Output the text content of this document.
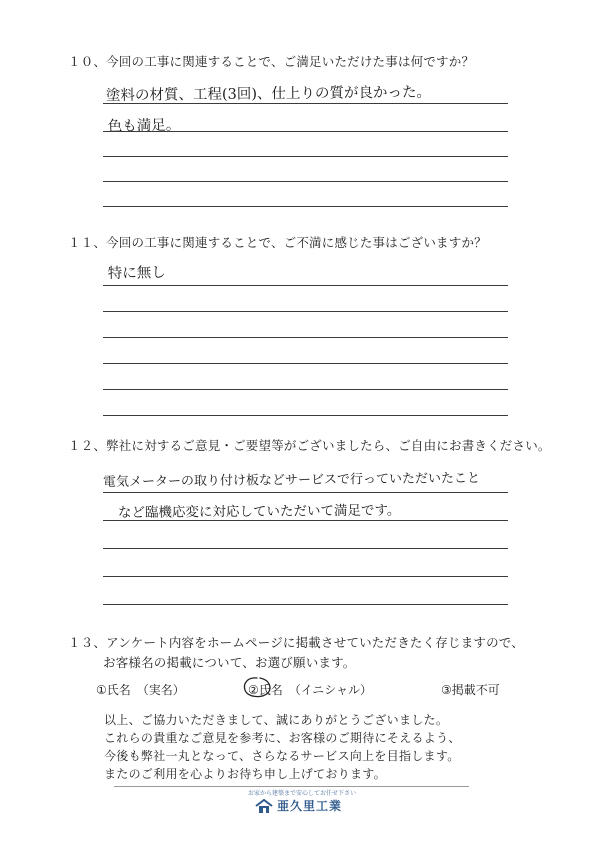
１０、今回の工事に関連することで、ご満足いただけた事は何ですか？
塗料の材質、工程(3回)、仕上りの質が良かった。
色も満足。
１１、今回の工事に関連することで、ご不満に感じた事はございますか？
特に無し
１２、弊社に対するご意見・ご要望等がございましたら、ご自由にお書きください。
電気メーターの取り付け板などサービスで行っていただいたこと
など臨機応変に対応していただいて満足です。
１３、アンケート内容をホームページに掲載させていただきたく存じますので、
お客様名の掲載について、お選び願います。
①氏名　（実名）	②氏名　（イニシャル）	③掲載不可
以上、ご協力いただきまして、誠にありがとうございました。
これらの貴重なご意見を参考に、お客様のご期待にそえるよう、
今後も弊社一丸となって、さらなるサービス向上を目指します。
またのご利用を心よりお待ち申し上げております。
お家から建築まで安心してお任せ下さい
亜久里工業
